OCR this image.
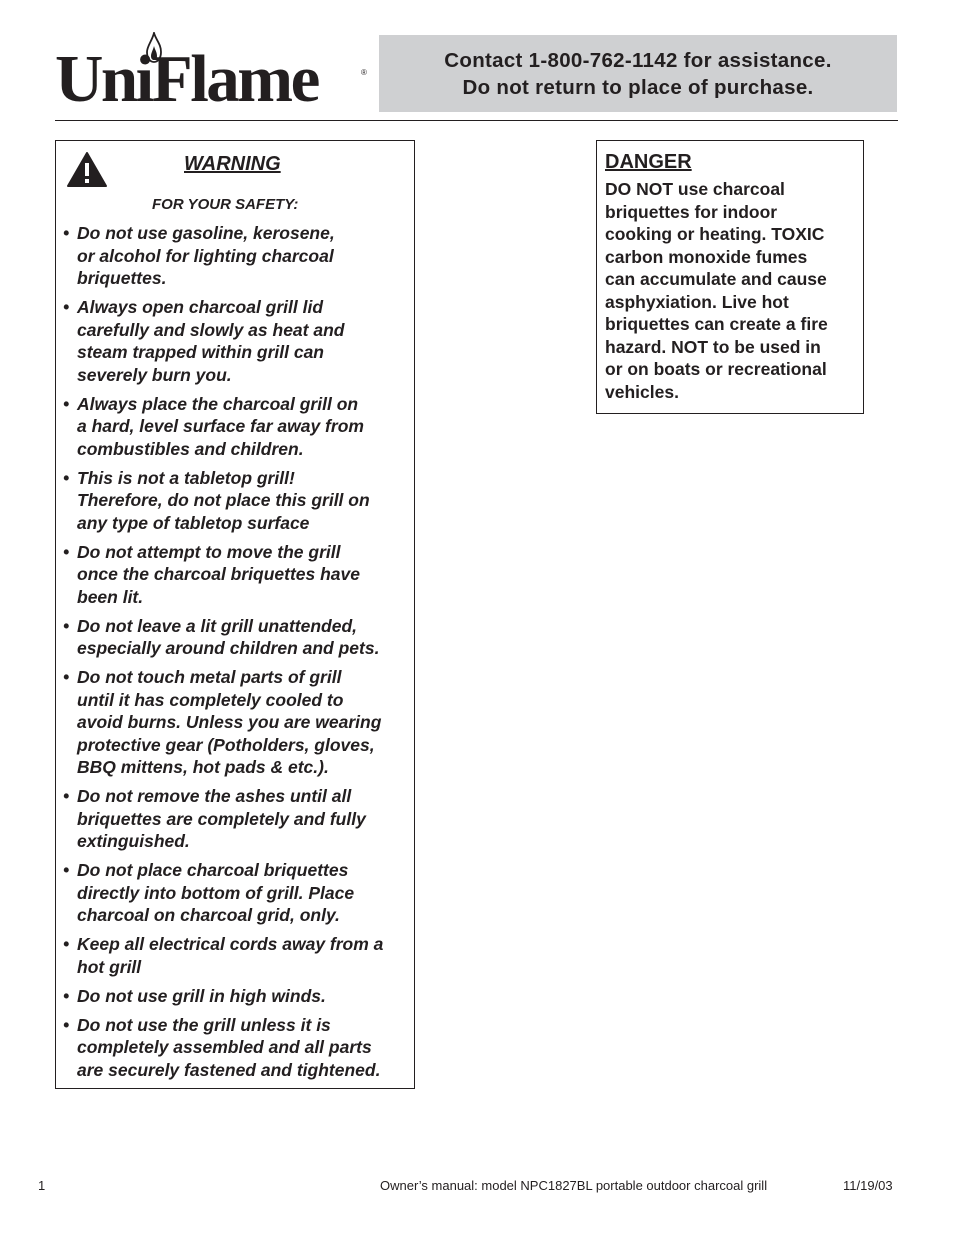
UniFlame	®
Contact 1-800-762-1142 for assistance.
Do not return to place of purchase.
WARNING
FOR YOUR SAFETY:
• Do not use gasoline, kerosene,
or alcohol for lighting charcoal
briquettes.
• Always open charcoal grill lid
carefully and slowly as heat and
steam trapped within grill can
severely burn you.
• Always place the charcoal grill on
a hard, level surface far away from
combustibles and children.
• This is not a tabletop grill!
Therefore, do not place this grill on
any type of tabletop surface
• Do not attempt to move the grill
once the charcoal briquettes have
been lit.
• Do not leave a lit grill unattended,
especially around children and pets.
• Do not touch metal parts of grill
until it has completely cooled to
avoid burns. Unless you are wearing
protective gear (Potholders, gloves,
BBQ mittens, hot pads & etc.).
• Do not remove the ashes until all
briquettes are completely and fully
extinguished.
• Do not place charcoal briquettes
directly into bottom of grill. Place
charcoal on charcoal grid, only.
• Keep all electrical cords away from a
hot grill
• Do not use grill in high winds.
• Do not use the grill unless it is
completely assembled and all parts
are securely fastened and tightened.
DANGER
DO NOT use charcoal
briquettes for indoor
cooking or heating. TOXIC
carbon monoxide fumes
can accumulate and cause
asphyxiation. Live hot
briquettes can create a fire
hazard. NOT to be used in
or on boats or recreational
vehicles.
1	Owner’s manual: model NPC1827BL portable outdoor charcoal grill	11/19/03
